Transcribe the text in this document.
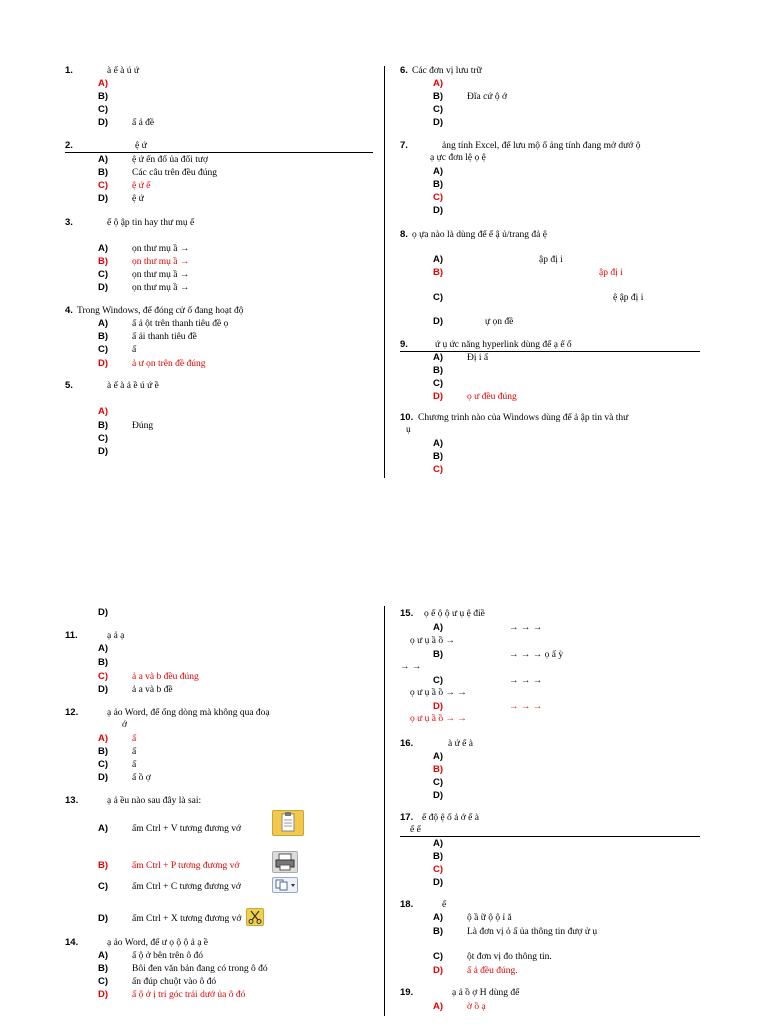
1.	à ế à ú ứ
A)
B)
C)
D)	ấ ả đề
2.	ệ ứ
A)	ệ ứ ến đổ ủa đối tượ
B)	Các câu trên đều đúng
C)	ệ ứ ế
D)	ệ ứ
3.	ế ộ ập tin hay thư mụ ế
A)	ọn thư mụ ầ →
B)	ọn thư mụ ầ →
C)	ọn thư mụ ầ →
D)	ọn thư mụ ầ →
4. Trong Windows, để đóng cử ổ đang hoạt độ
A)	ấ ả ột trên thanh tiêu đề ọ
B)	ấ ải thanh tiêu đề
C)	ấ
D)	ả ư ọn trên đề đúng
5.	à ế à ả ề ú ứ ề
A)
B)	Đúng
C)
D)
6. Các đơn vị lưu trữ
A)
B)	Đĩa cứ ộ ớ
C)
D)
7.	ảng tính Excel, để lưu mộ ổ ảng tính đang mở dướ ộ
ạ ực đơn lệ ọ ệ
A)
B)
C)
D)
8. ọ ựa nào là dùng để ế ậ ủ/trang đả ệ
A)	ập đị i
B)	ập đị i
C)	ệ ập đị i
D)	ự ọn đề
9.	ứ ụ ức năng hyperlink dùng để ạ ế ố
A)	Đị i ấ
B)
C)
D)	ọ ư đều đúng
10. Chương trình nào của Windows dùng để ả ập tin và thư
ụ
A)
B)
C)
D)
11.	ạ ả ạ
A)
B)
C)	ả a và b đều đúng
D)	ả a và b đề
12.	ạ ảo Word, để ống dòng mà không qua đoạ
ớ
A)	ấ
B)	ấ
C)	ấ
D)	ấ ồ ợ
13.	ạ ả ều nào sau đây là sai:
A)	ấm Ctrl + V tương đương vớ
B)	ấm Ctrl + P tương đương vớ
C)	ấm Ctrl + C tương đương vớ
D)	ấm Ctrl + X tương đương vớ
14.	ạ ảo Word, để ư ọ ộ ộ ả ạ ề
A)	ấ ộ ở bên trên ô đó
B)	Bôi đen văn bản đang có trong ô đó
C)	ấn đúp chuột vào ô đó
D)	ấ ộ ở ị trí góc trái dướ ủa ô đó
15. ọ ế ộ ộ ư ụ ệ điề
A)	→ → →
ọ ư ụ ầ ồ →
B)	→ → → ọ ấ ỳ
→ →
C)	→ → →
ọ ư ụ ầ ồ → →
D)	→ → →
ọ ư ụ ầ ồ → →
16.	à ứ ế à
A)
B)
C)
D)
17. ế độ ệ ố ả ớ ế à
ế ế
A)
B)
C)
D)
18.	ế
A)	ộ ầ ữ ộ ộ ỉ ă
B)	Là đơn vị ỏ ấ ủa thông tin đượ ử ụ
C)	ột đơn vị đo thông tin.
D)	ấ ả đều đúng.
19.	ạ ả ồ ợ H dùng để
A)	ờ ồ ạ
